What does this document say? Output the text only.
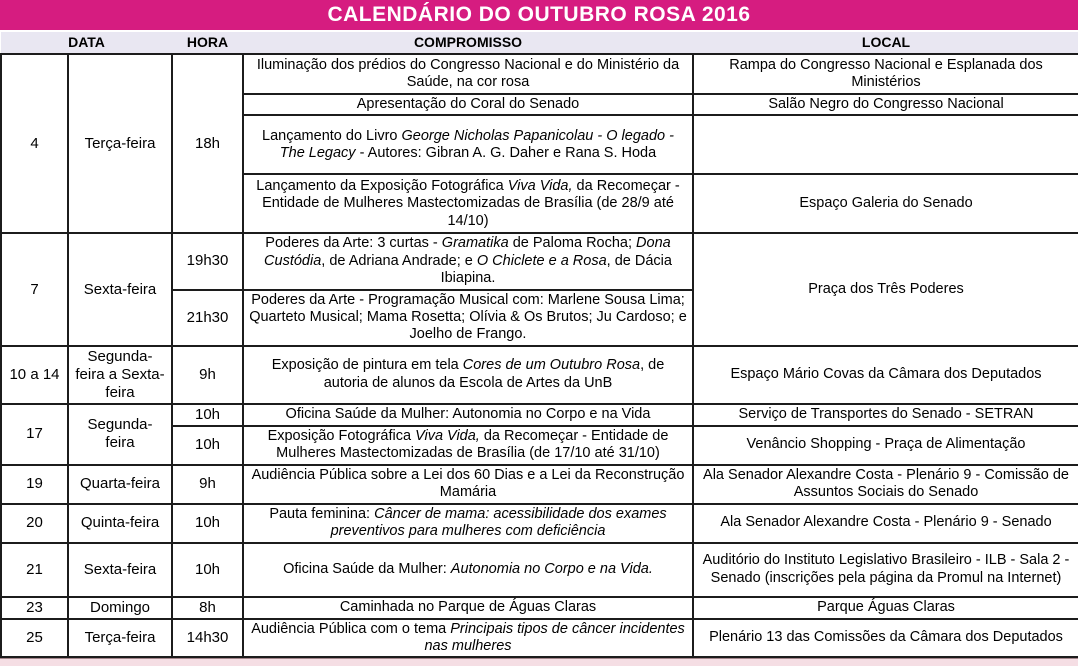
CALENDÁRIO DO OUTUBRO ROSA 2016
DATA		HORA	COMPROMISSO	LOCAL
4	Terça-feira	18h	Iluminação dos prédios do Congresso Nacional e do Ministério da Saúde, na cor rosa	Rampa do Congresso Nacional e Esplanada dos Ministérios
			Apresentação do Coral do Senado	Salão Negro do Congresso Nacional
			Lançamento do Livro George Nicholas Papanicolau - O legado - The Legacy - Autores: Gibran A. G. Daher e Rana S. Hoda	
			Lançamento da Exposição Fotográfica Viva Vida, da Recomeçar - Entidade de Mulheres Mastectomizadas de Brasília (de 28/9 até 14/10)	Espaço Galeria do Senado
7	Sexta-feira	19h30	Poderes da Arte: 3 curtas - Gramatika de Paloma Rocha; Dona Custódia, de Adriana Andrade; e O Chiclete e a Rosa, de Dácia Ibiapina.	Praça dos Três Poderes
		21h30	Poderes da Arte - Programação Musical com: Marlene Sousa Lima; Quarteto Musical; Mama Rosetta; Olívia & Os Brutos; Ju Cardoso; e Joelho de Frango.	
10 a 14	Segunda-feira a Sexta-feira	9h	Exposição de pintura em tela Cores de um Outubro Rosa, de autoria de alunos da Escola de Artes da UnB	Espaço Mário Covas da Câmara dos Deputados
17	Segunda-feira	10h	Oficina Saúde da Mulher: Autonomia no Corpo e na Vida	Serviço de Transportes do Senado - SETRAN
		10h	Exposição Fotográfica Viva Vida, da Recomeçar - Entidade de Mulheres Mastectomizadas de Brasília (de 17/10 até 31/10)	Venâncio Shopping - Praça de Alimentação
19	Quarta-feira	9h	Audiência Pública sobre a Lei dos 60 Dias e a Lei da Reconstrução Mamária	Ala Senador Alexandre Costa - Plenário 9 - Comissão de Assuntos Sociais do Senado
20	Quinta-feira	10h	Pauta feminina: Câncer de mama: acessibilidade dos exames preventivos para mulheres com deficiência	Ala Senador Alexandre Costa - Plenário 9 - Senado
21	Sexta-feira	10h	Oficina Saúde da Mulher: Autonomia no Corpo e na Vida.	Auditório do Instituto Legislativo Brasileiro - ILB - Sala 2 - Senado (inscrições pela página da Promul na Internet)
23	Domingo	8h	Caminhada no Parque de Águas Claras	Parque Águas Claras
25	Terça-feira	14h30	Audiência Pública com o tema Principais tipos de câncer incidentes nas mulheres	Plenário 13 das Comissões da Câmara dos Deputados
